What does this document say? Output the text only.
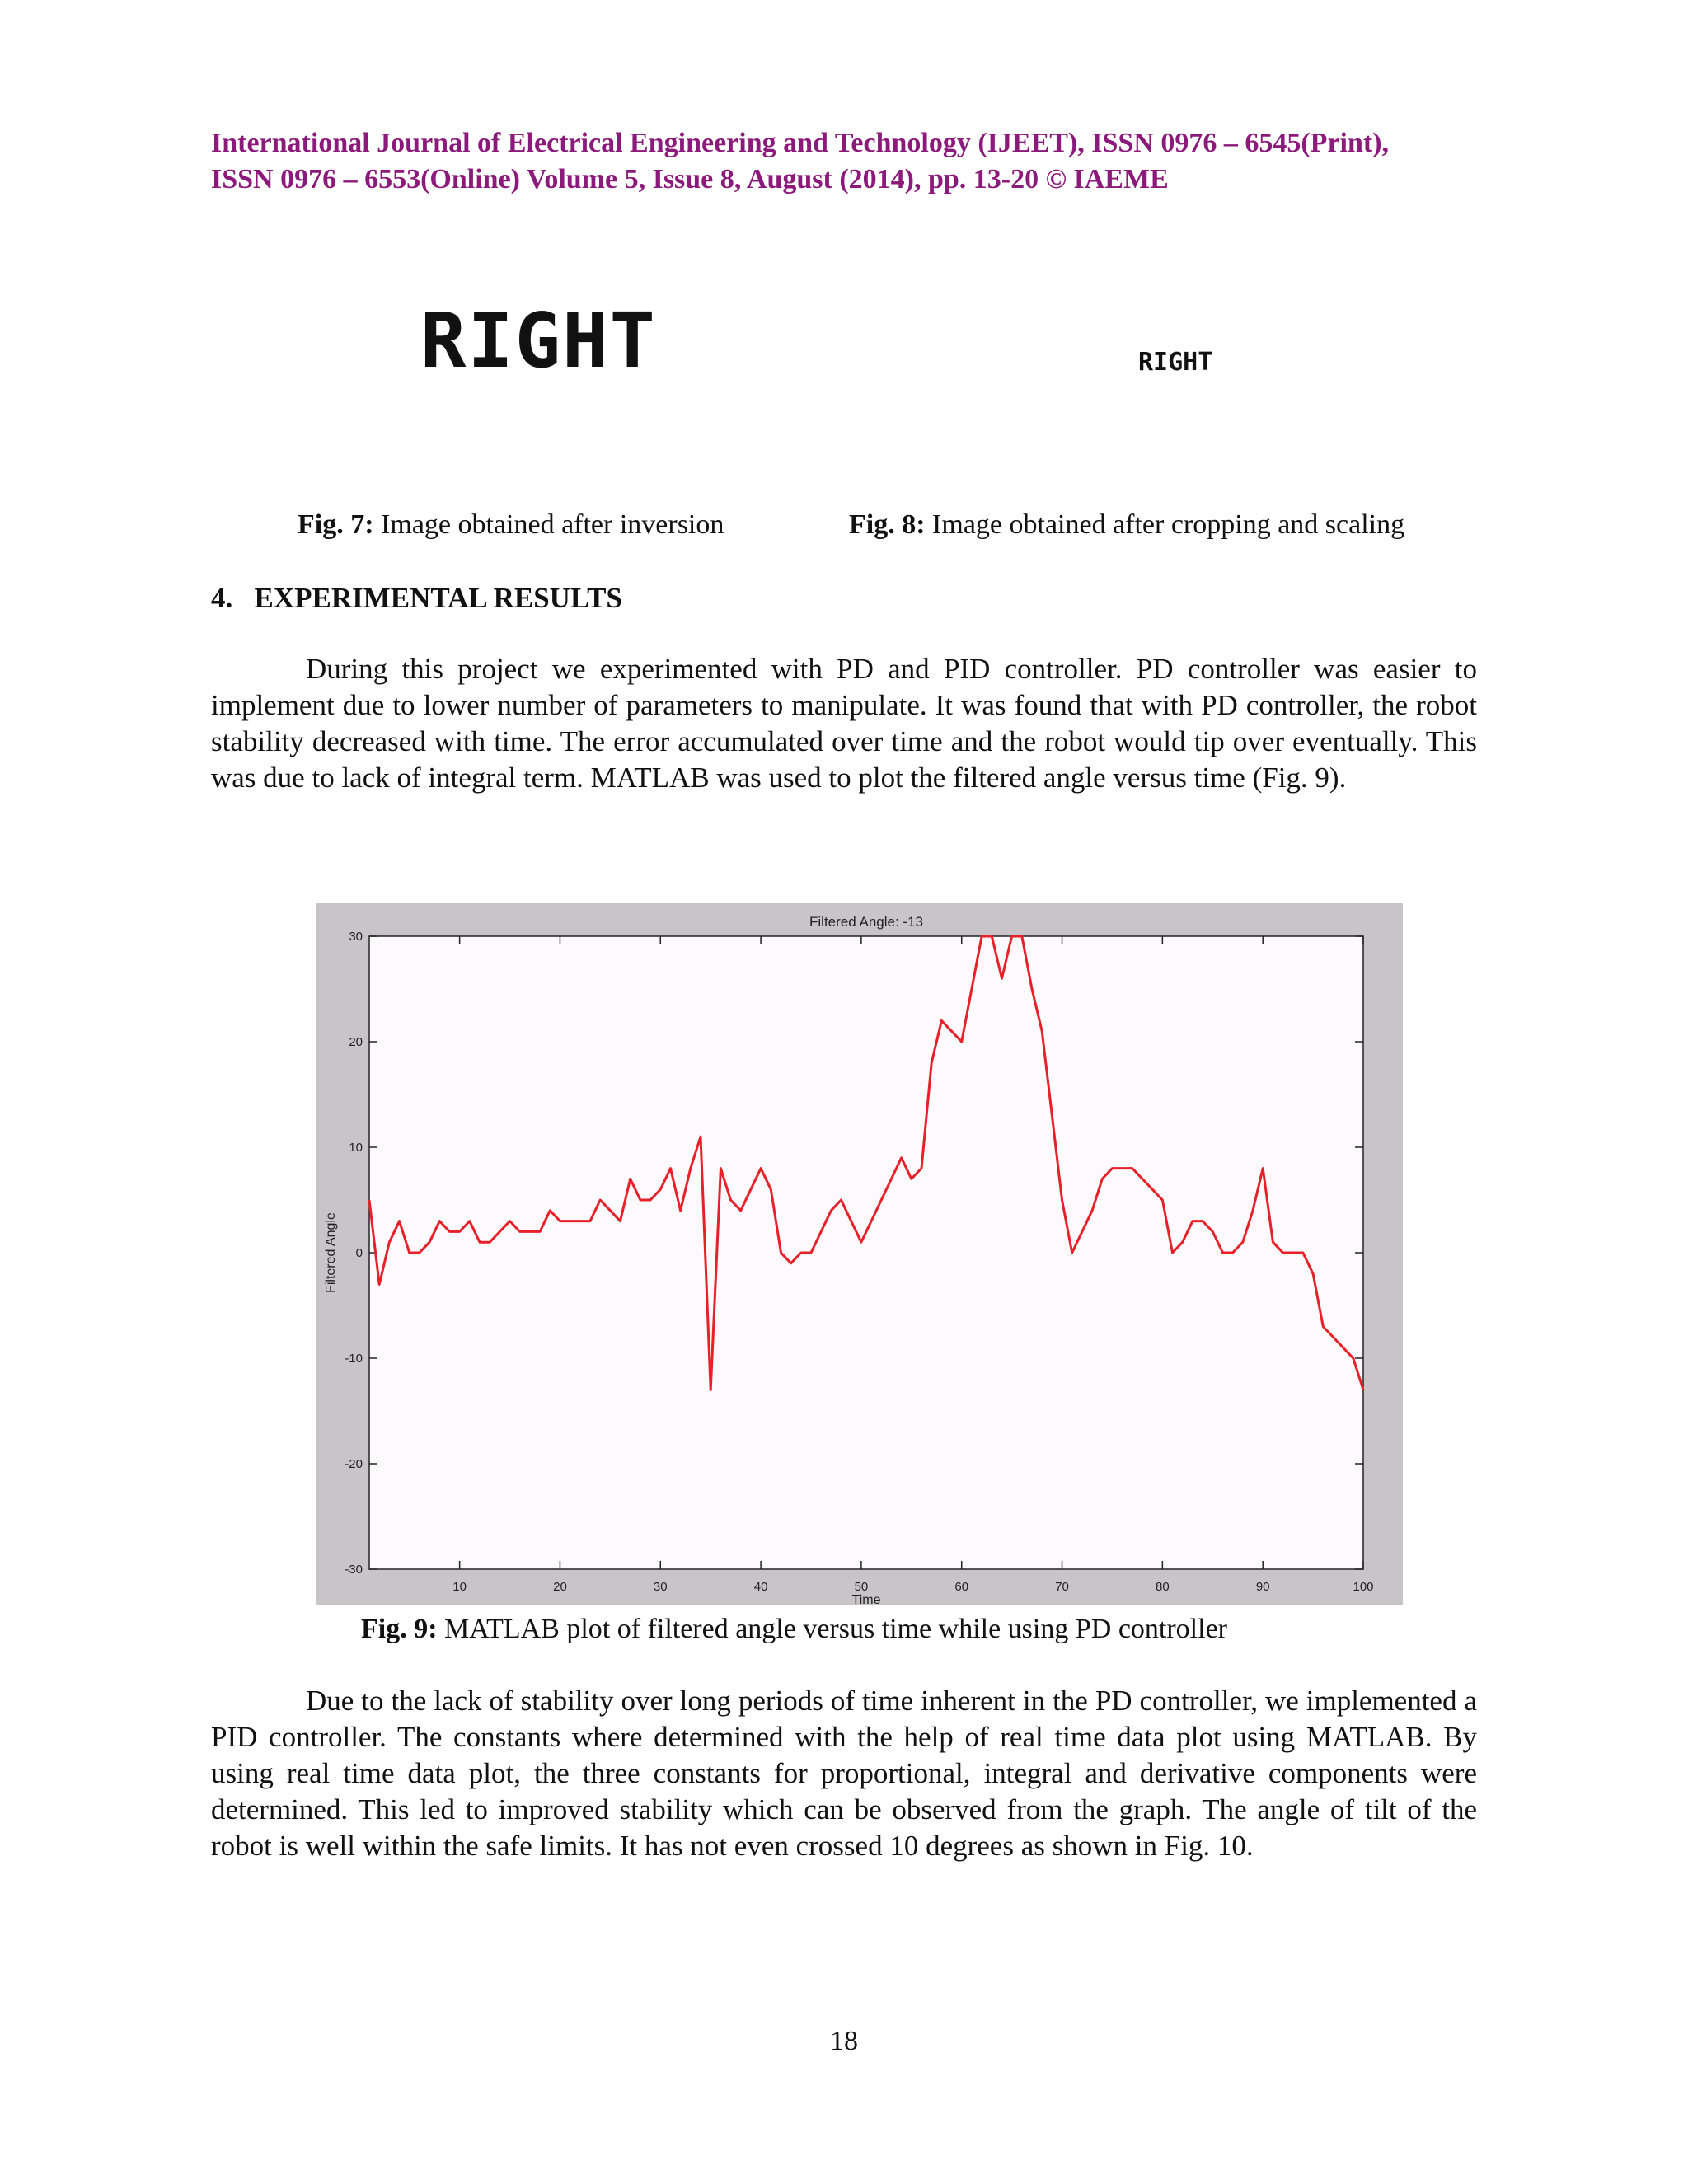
International Journal of Electrical Engineering and Technology (IJEET), ISSN 0976 – 6545(Print),
ISSN 0976 – 6553(Online) Volume 5, Issue 8, August (2014), pp. 13-20 © IAEME
RIGHT	RIGHT
Fig. 7: Image obtained after inversion	Fig. 8: Image obtained after cropping and scaling
4.   EXPERIMENTAL RESULTS
During this project we experimented with PD and PID controller. PD controller was easier to implement due to lower number of parameters to manipulate. It was found that with PD controller, the robot stability decreased with time. The error accumulated over time and the robot would tip over eventually. This was due to lack of integral term. MATLAB was used to plot the filtered angle versus time (Fig. 9).
10	20	30	40	50	60	70	80	90	100
-30
-20
-10
0
10
20
30
Filtered Angle: -13
Time
Filtered Angle
Fig. 9: MATLAB plot of filtered angle versus time while using PD controller
Due to the lack of stability over long periods of time inherent in the PD controller, we implemented a PID controller. The constants where determined with the help of real time data plot using MATLAB. By using real time data plot, the three constants for proportional, integral and derivative components were determined. This led to improved stability which can be observed from the graph. The angle of tilt of the robot is well within the safe limits. It has not even crossed 10 degrees as shown in Fig. 10.
18
